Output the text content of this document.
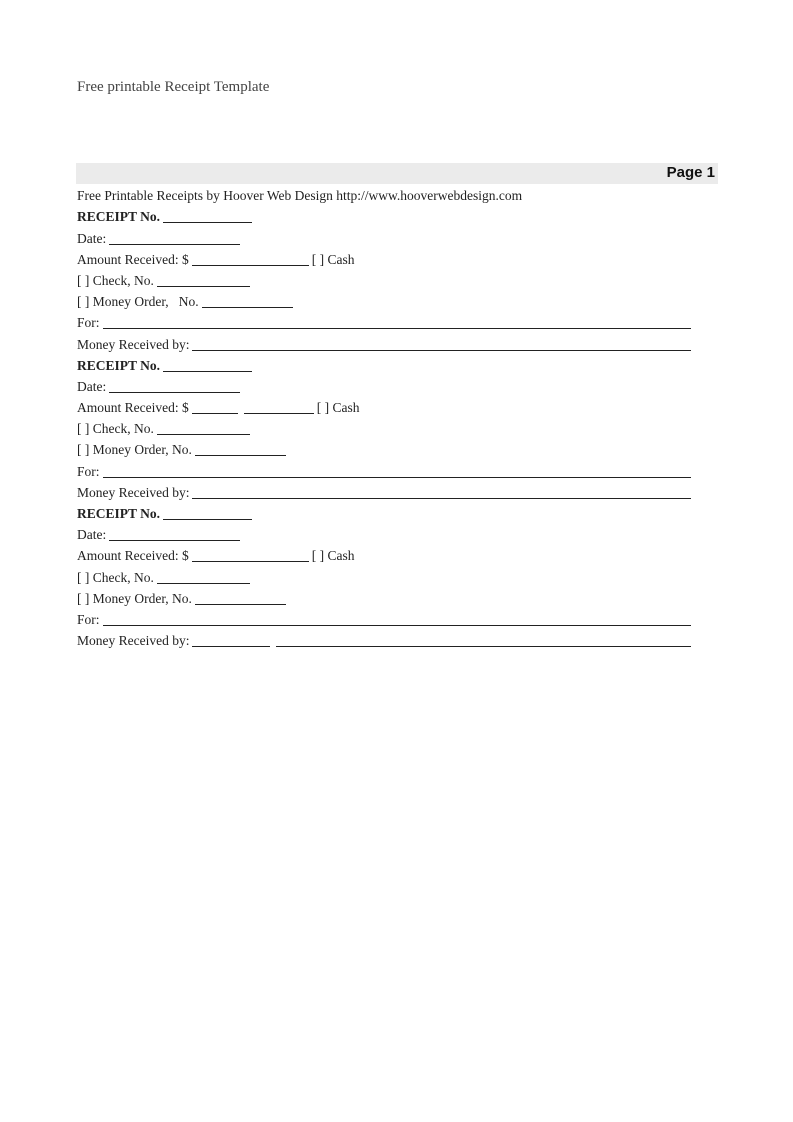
Free printable Receipt Template
Page 1
Free Printable Receipts by Hoover Web Design http://www.hooverwebdesign.com
RECEIPT No.
Date:
Amount Received: $	[ ] Cash
[ ] Check, No.
[ ] Money Order,   No.
For:
Money Received by:
RECEIPT No.
Date:
Amount Received: $	[ ] Cash
[ ] Check, No.
[ ] Money Order, No.
For:
Money Received by:
RECEIPT No.
Date:
Amount Received: $	[ ] Cash
[ ] Check, No.
[ ] Money Order, No.
For:
Money Received by:
